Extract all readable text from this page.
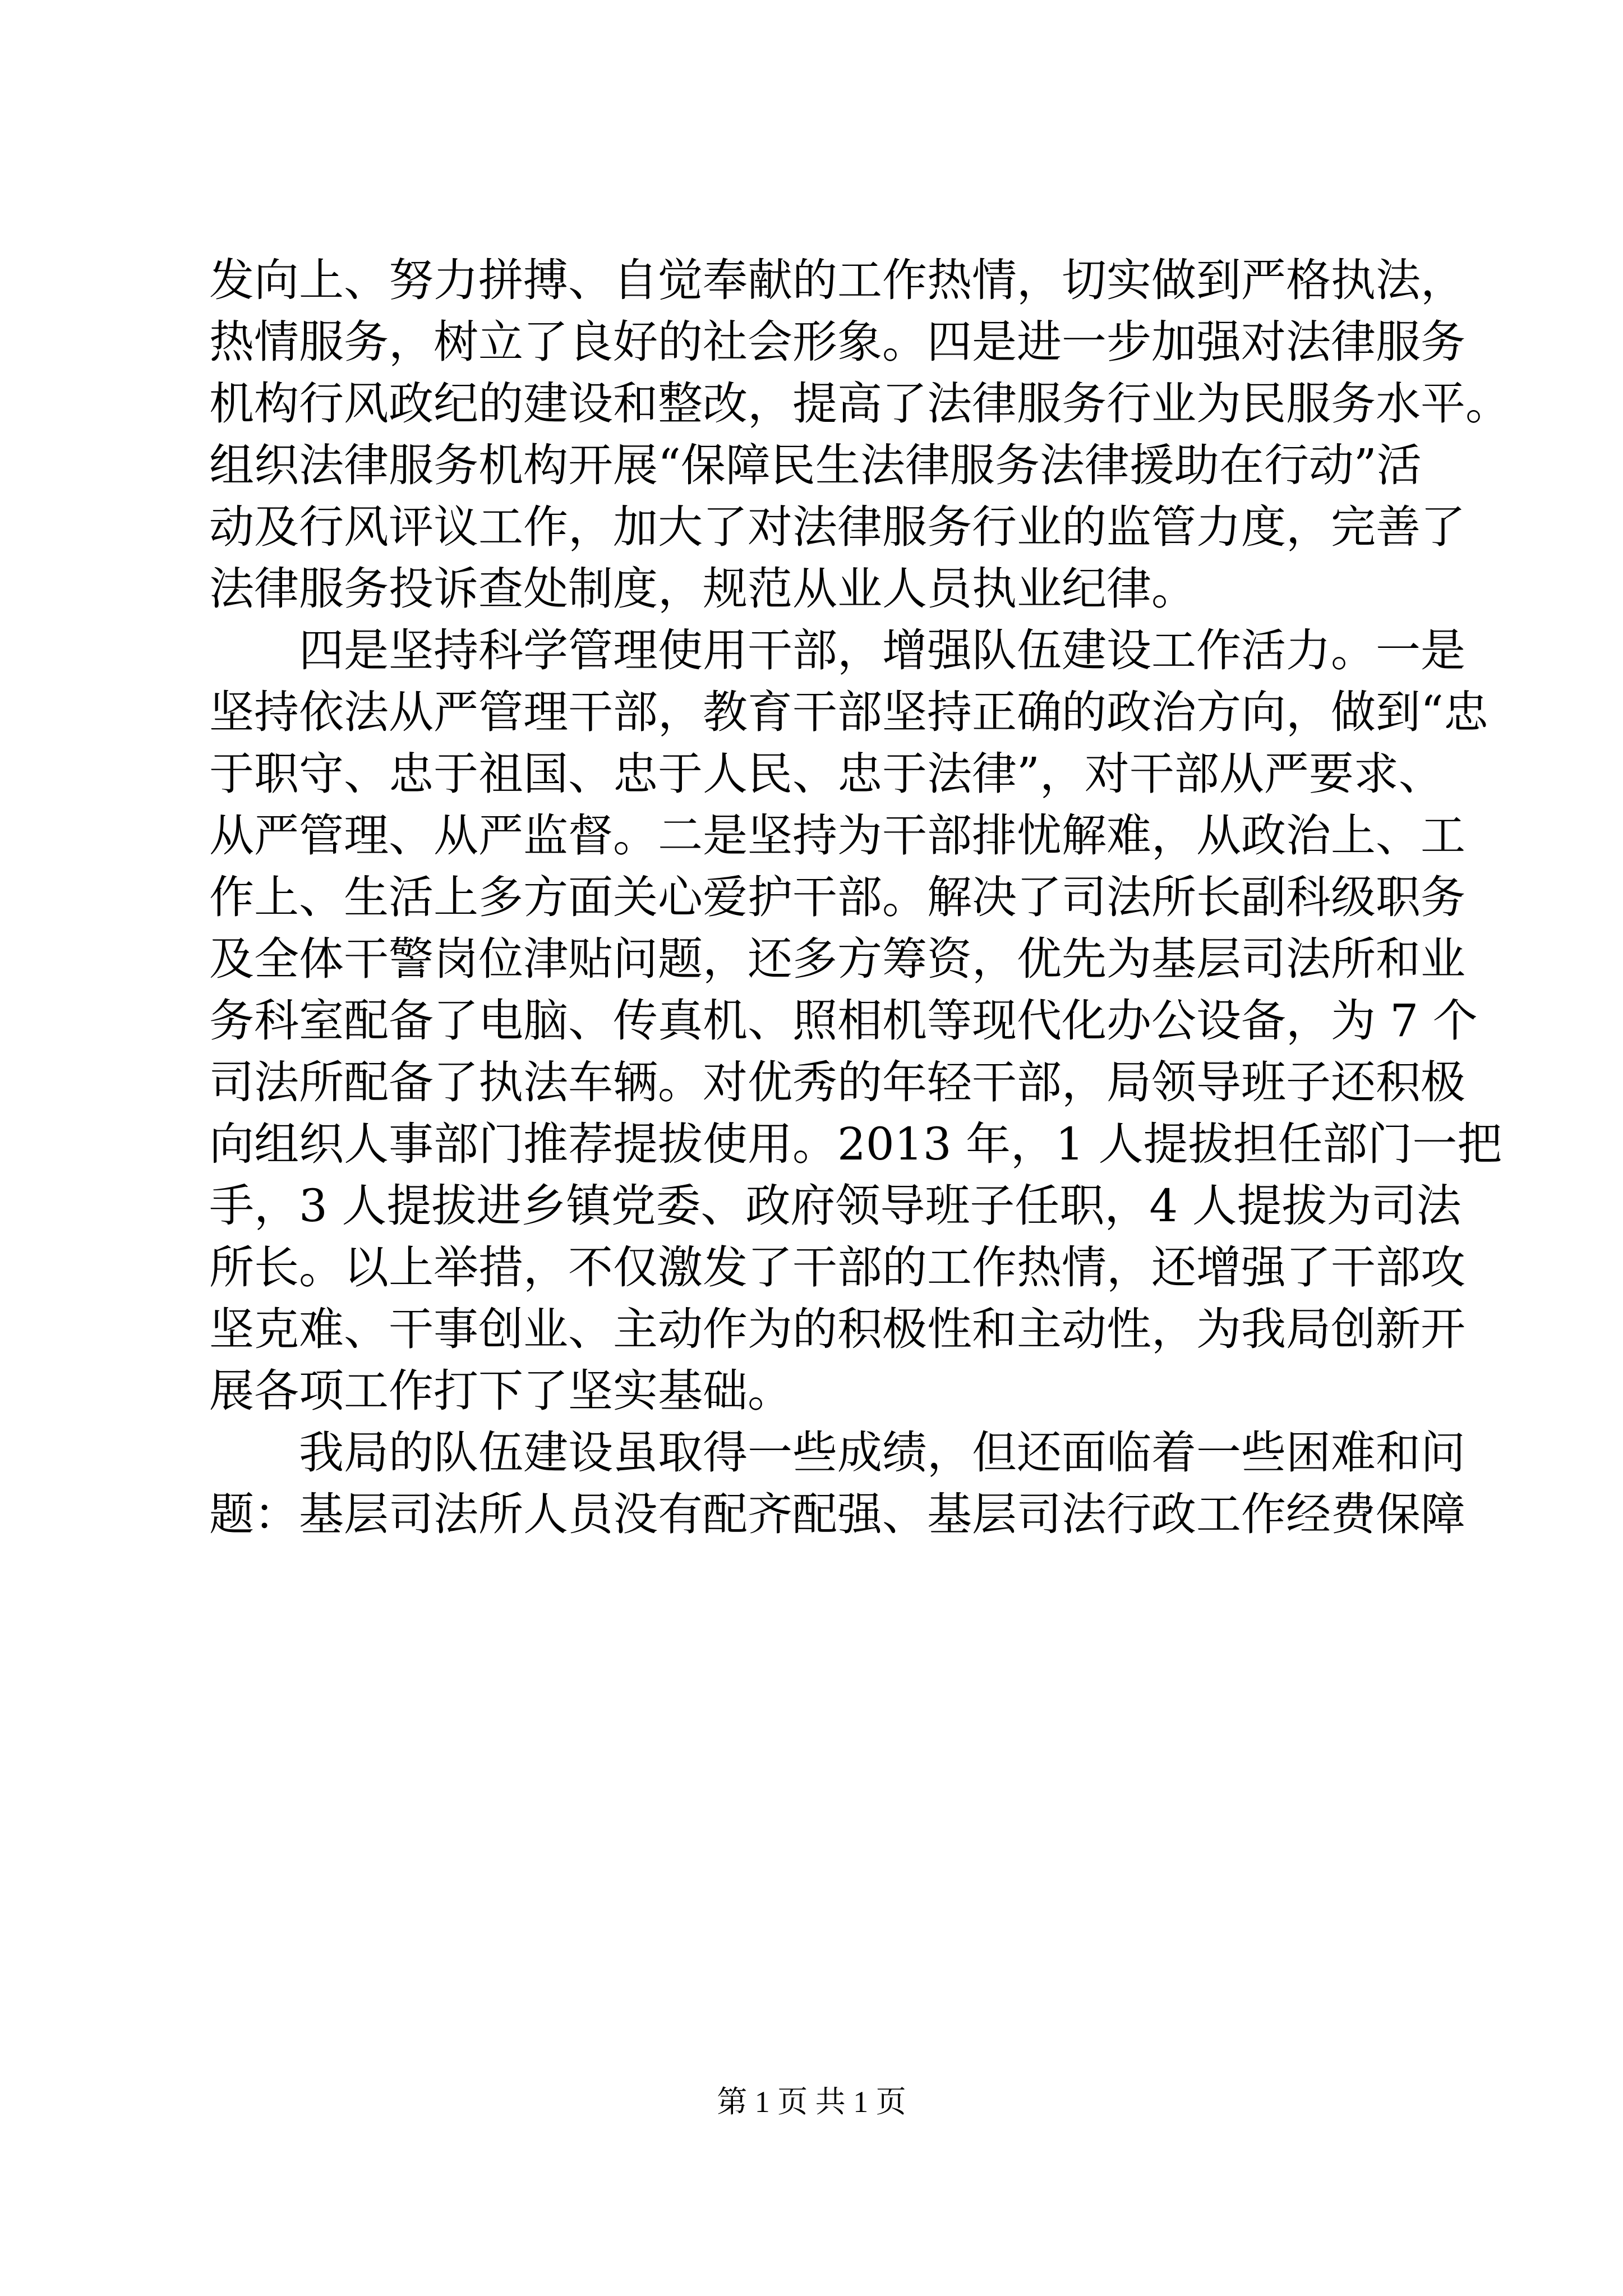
发向上、努力拼搏、自觉奉献的工作热情，切实做到严格执法，
热情服务，树立了良好的社会形象。四是进一步加强对法律服务
机构行风政纪的建设和整改，提高了法律服务行业为民服务水平。
组织法律服务机构开展“保障民生法律服务法律援助在行动”活
动及行风评议工作，加大了对法律服务行业的监管力度，完善了
法律服务投诉查处制度，规范从业人员执业纪律。
　　四是坚持科学管理使用干部，增强队伍建设工作活力。一是
坚持依法从严管理干部，教育干部坚持正确的政治方向，做到“忠
于职守、忠于祖国、忠于人民、忠于法律”，对干部从严要求、
从严管理、从严监督。二是坚持为干部排忧解难，从政治上、工
作上、生活上多方面关心爱护干部。解决了司法所长副科级职务
及全体干警岗位津贴问题，还多方筹资，优先为基层司法所和业
务科室配备了电脑、传真机、照相机等现代化办公设备，为 7 个
司法所配备了执法车辆。对优秀的年轻干部，局领导班子还积极
向组织人事部门推荐提拔使用。2013 年，1 人提拔担任部门一把
手，3 人提拔进乡镇党委、政府领导班子任职，4 人提拔为司法
所长。以上举措，不仅激发了干部的工作热情，还增强了干部攻
坚克难、干事创业、主动作为的积极性和主动性，为我局创新开
展各项工作打下了坚实基础。
　　我局的队伍建设虽取得一些成绩，但还面临着一些困难和问
题：基层司法所人员没有配齐配强、基层司法行政工作经费保障
第 1 页 共 1 页
